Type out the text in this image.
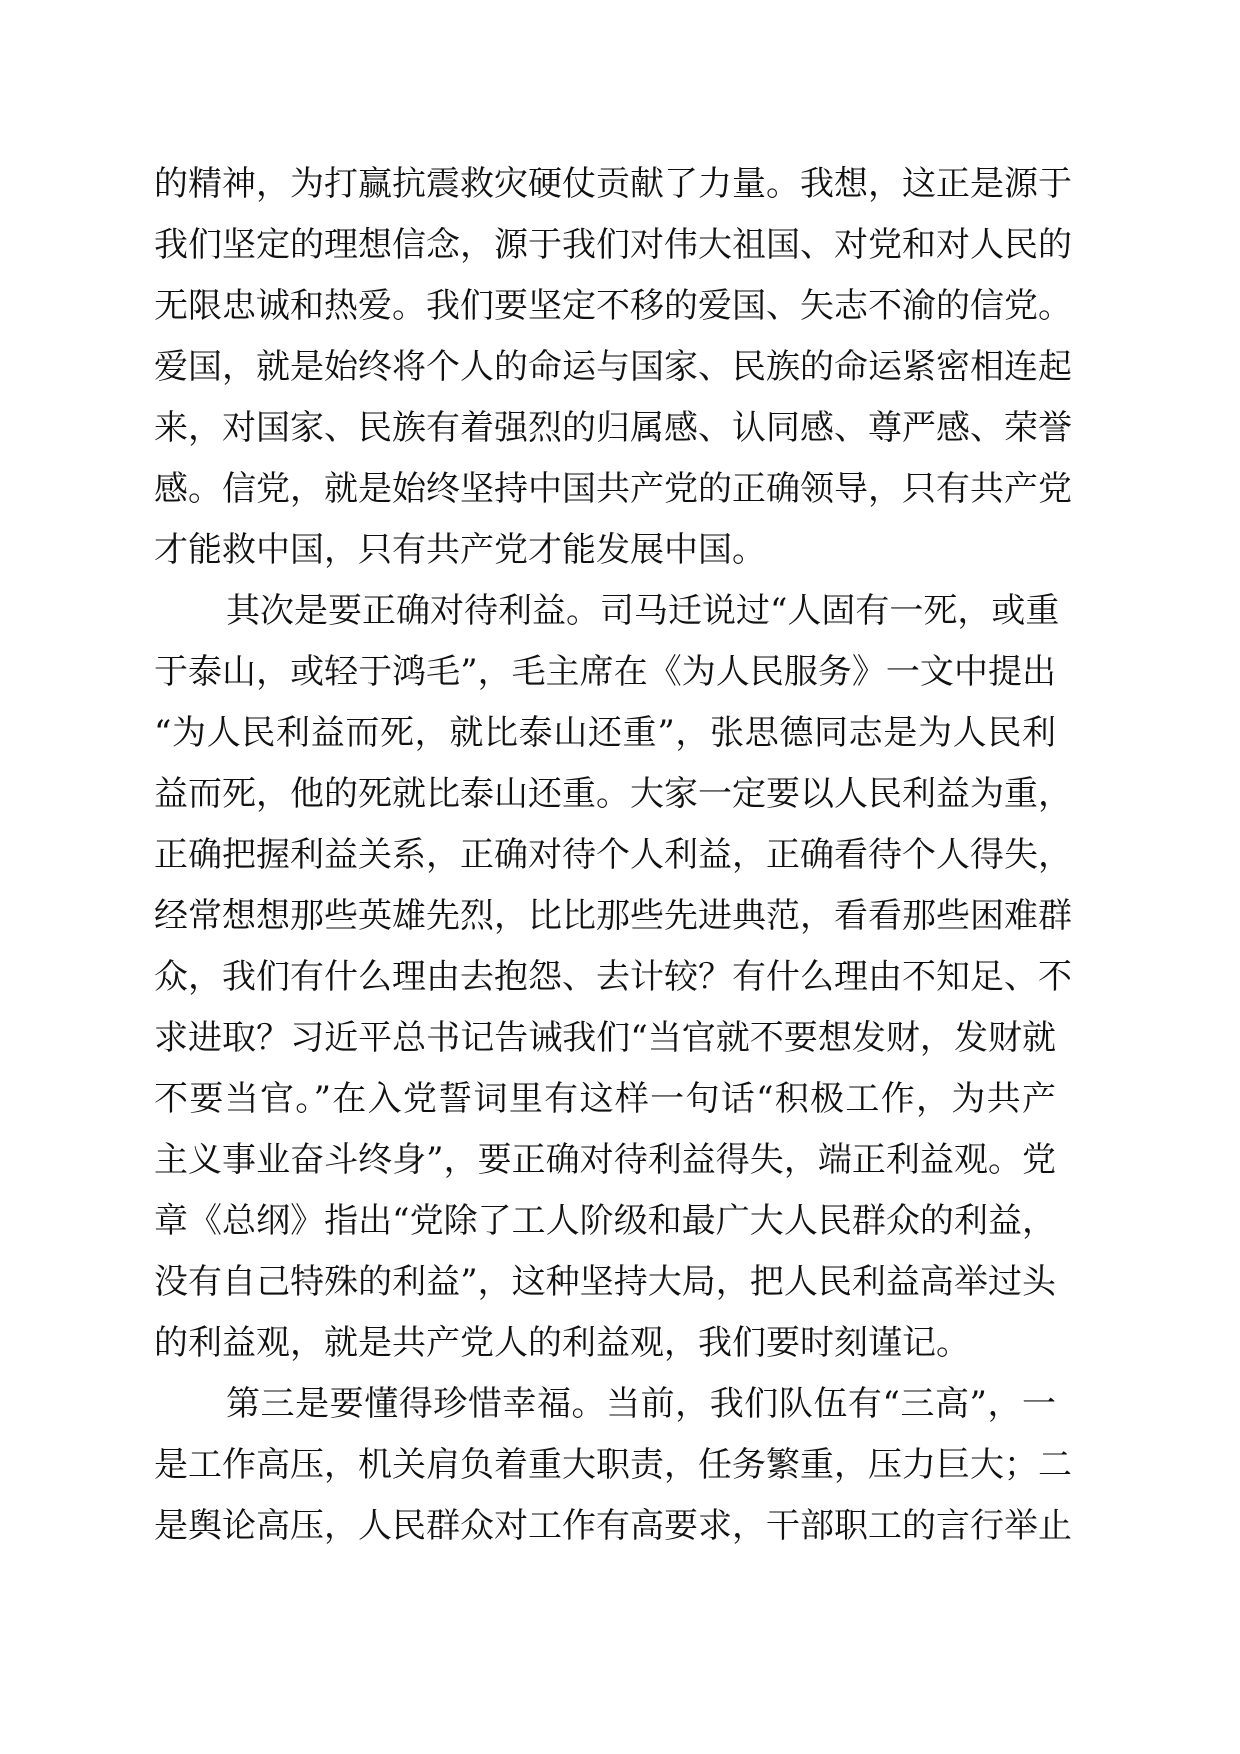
的精神，为打赢抗震救灾硬仗贡献了力量。我想，这正是源于
我们坚定的理想信念，源于我们对伟大祖国、对党和对人民的
无限忠诚和热爱。我们要坚定不移的爱国、矢志不渝的信党。
爱国，就是始终将个人的命运与国家、民族的命运紧密相连起
来，对国家、民族有着强烈的归属感、认同感、尊严感、荣誉
感。信党，就是始终坚持中国共产党的正确领导，只有共产党
才能救中国，只有共产党才能发展中国。
其次是要正确对待利益。司马迁说过“人固有一死，或重
于泰山，或轻于鸿毛”，毛主席在《为人民服务》一文中提出
“为人民利益而死，就比泰山还重”，张思德同志是为人民利
益而死，他的死就比泰山还重。大家一定要以人民利益为重，
正确把握利益关系，正确对待个人利益，正确看待个人得失，
经常想想那些英雄先烈，比比那些先进典范，看看那些困难群
众，我们有什么理由去抱怨、去计较？有什么理由不知足、不
求进取？习近平总书记告诫我们“当官就不要想发财，发财就
不要当官。”在入党誓词里有这样一句话“积极工作，为共产
主义事业奋斗终身”，要正确对待利益得失，端正利益观。党
章《总纲》指出“党除了工人阶级和最广大人民群众的利益，
没有自己特殊的利益”，这种坚持大局，把人民利益高举过头
的利益观，就是共产党人的利益观，我们要时刻谨记。
第三是要懂得珍惜幸福。当前，我们队伍有“三高”，一
是工作高压，机关肩负着重大职责，任务繁重，压力巨大；二
是舆论高压，人民群众对工作有高要求，干部职工的言行举止
